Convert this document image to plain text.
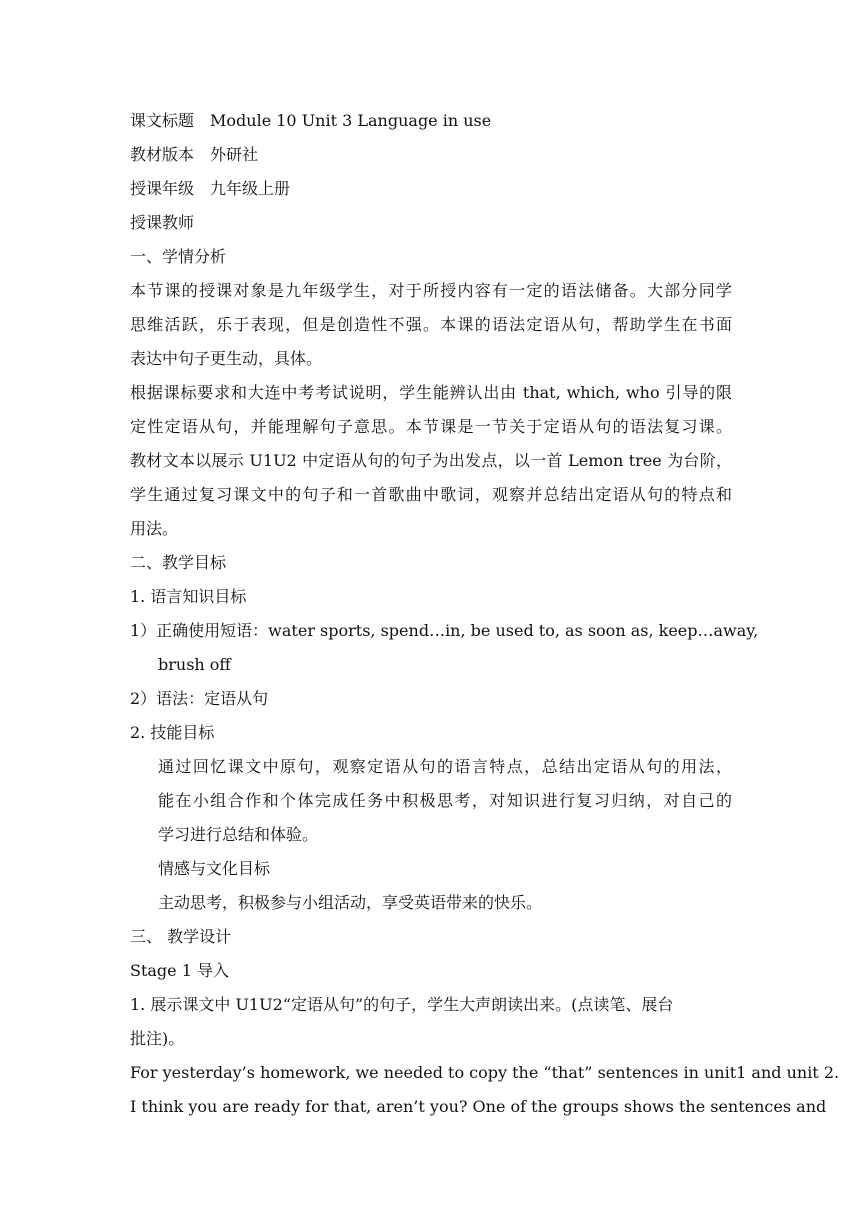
课文标题 Module 10 Unit 3 Language in use
教材版本 外研社
授课年级 九年级上册
授课教师
一、学情分析
本节课的授课对象是九年级学生，对于所授内容有一定的语法储备。大部分同学
思维活跃，乐于表现，但是创造性不强。本课的语法定语从句，帮助学生在书面
表达中句子更生动，具体。
根据课标要求和大连中考考试说明，学生能辨认出由 that, which, who 引导的限
定性定语从句，并能理解句子意思。本节课是一节关于定语从句的语法复习课。
教材文本以展示 U1U2 中定语从句的句子为出发点，以一首 Lemon tree 为台阶，
学生通过复习课文中的句子和一首歌曲中歌词，观察并总结出定语从句的特点和
用法。
二、教学目标
1. 语言知识目标
1）正确使用短语：water sports, spend…in, be used to, as soon as, keep…away,
brush off
2）语法：定语从句
2. 技能目标
通过回忆课文中原句，观察定语从句的语言特点，总结出定语从句的用法，
能在小组合作和个体完成任务中积极思考，对知识进行复习归纳，对自己的
学习进行总结和体验。
情感与文化目标
主动思考，积极参与小组活动，享受英语带来的快乐。
三、 教学设计
Stage 1 导入
1. 展示课文中 U1U2“定语从句”的句子，学生大声朗读出来。(点读笔、展台
批注)。
For yesterday’s homework, we needed to copy the “that” sentences in unit1 and unit 2.
I think you are ready for that, aren’t you? One of the groups shows the sentences and
